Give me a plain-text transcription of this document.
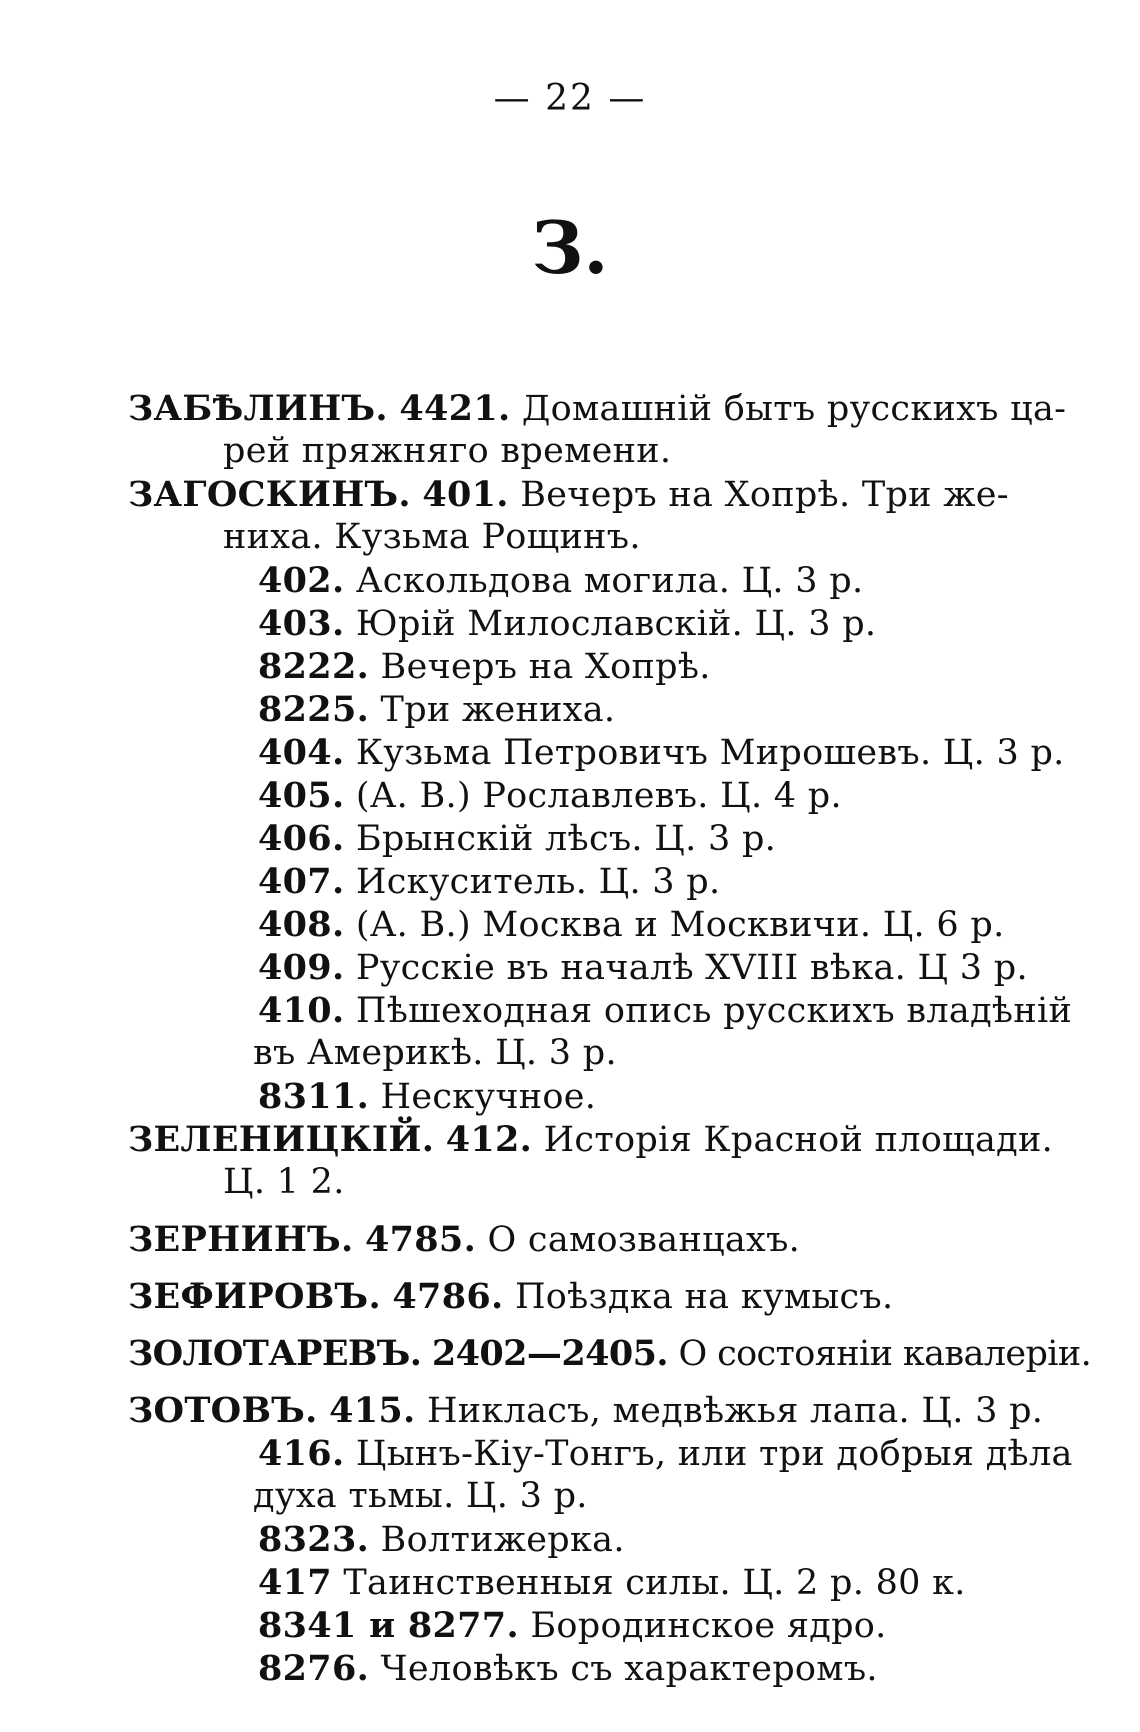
— 22 —
З.
ЗАБѢЛИНЪ. 4421. Домашній бытъ русскихъ ца-
рей пряжняго времени.
ЗАГОСКИНЪ. 401. Вечеръ на Хопрѣ. Три же-
ниха. Кузьма Рощинъ.
402. Аскольдова могила. Ц. 3 р.
403. Юрій Милославскій. Ц. 3 р.
8222. Вечеръ на Хопрѣ.
8225. Три жениха.
404. Кузьма Петровичъ Мирошевъ. Ц. 3 р.
405. (А. В.) Рославлевъ. Ц. 4 р.
406. Брынскій лѣсъ. Ц. 3 р.
407. Искуситель. Ц. 3 р.
408. (А. В.) Москва и Москвичи. Ц. 6 р.
409. Русскіе въ началѣ XVIII вѣка. Ц 3 р.
410. Пѣшеходная опись русскихъ владѣній
въ Америкѣ. Ц. 3 р.
8311. Нескучное.
ЗЕЛЕНИЦКІЙ. 412. Исторія Красной площади.
Ц. 1 2.
ЗЕРНИНЪ. 4785. О самозванцахъ.
ЗЕФИРОВЪ. 4786. Поѣздка на кумысъ.
ЗОЛОТАРЕВЪ. 2402—2405. О состояніи кавалеріи.
ЗОТОВЪ. 415. Никласъ, медвѣжья лапа. Ц. 3 р.
416. Цынъ-Кіу-Тонгъ, или три добрыя дѣла
духа тьмы. Ц. 3 р.
8323. Волтижерка.
417 Таинственныя силы. Ц. 2 р. 80 к.
8341 и 8277. Бородинское ядро.
8276. Человѣкъ съ характеромъ.
